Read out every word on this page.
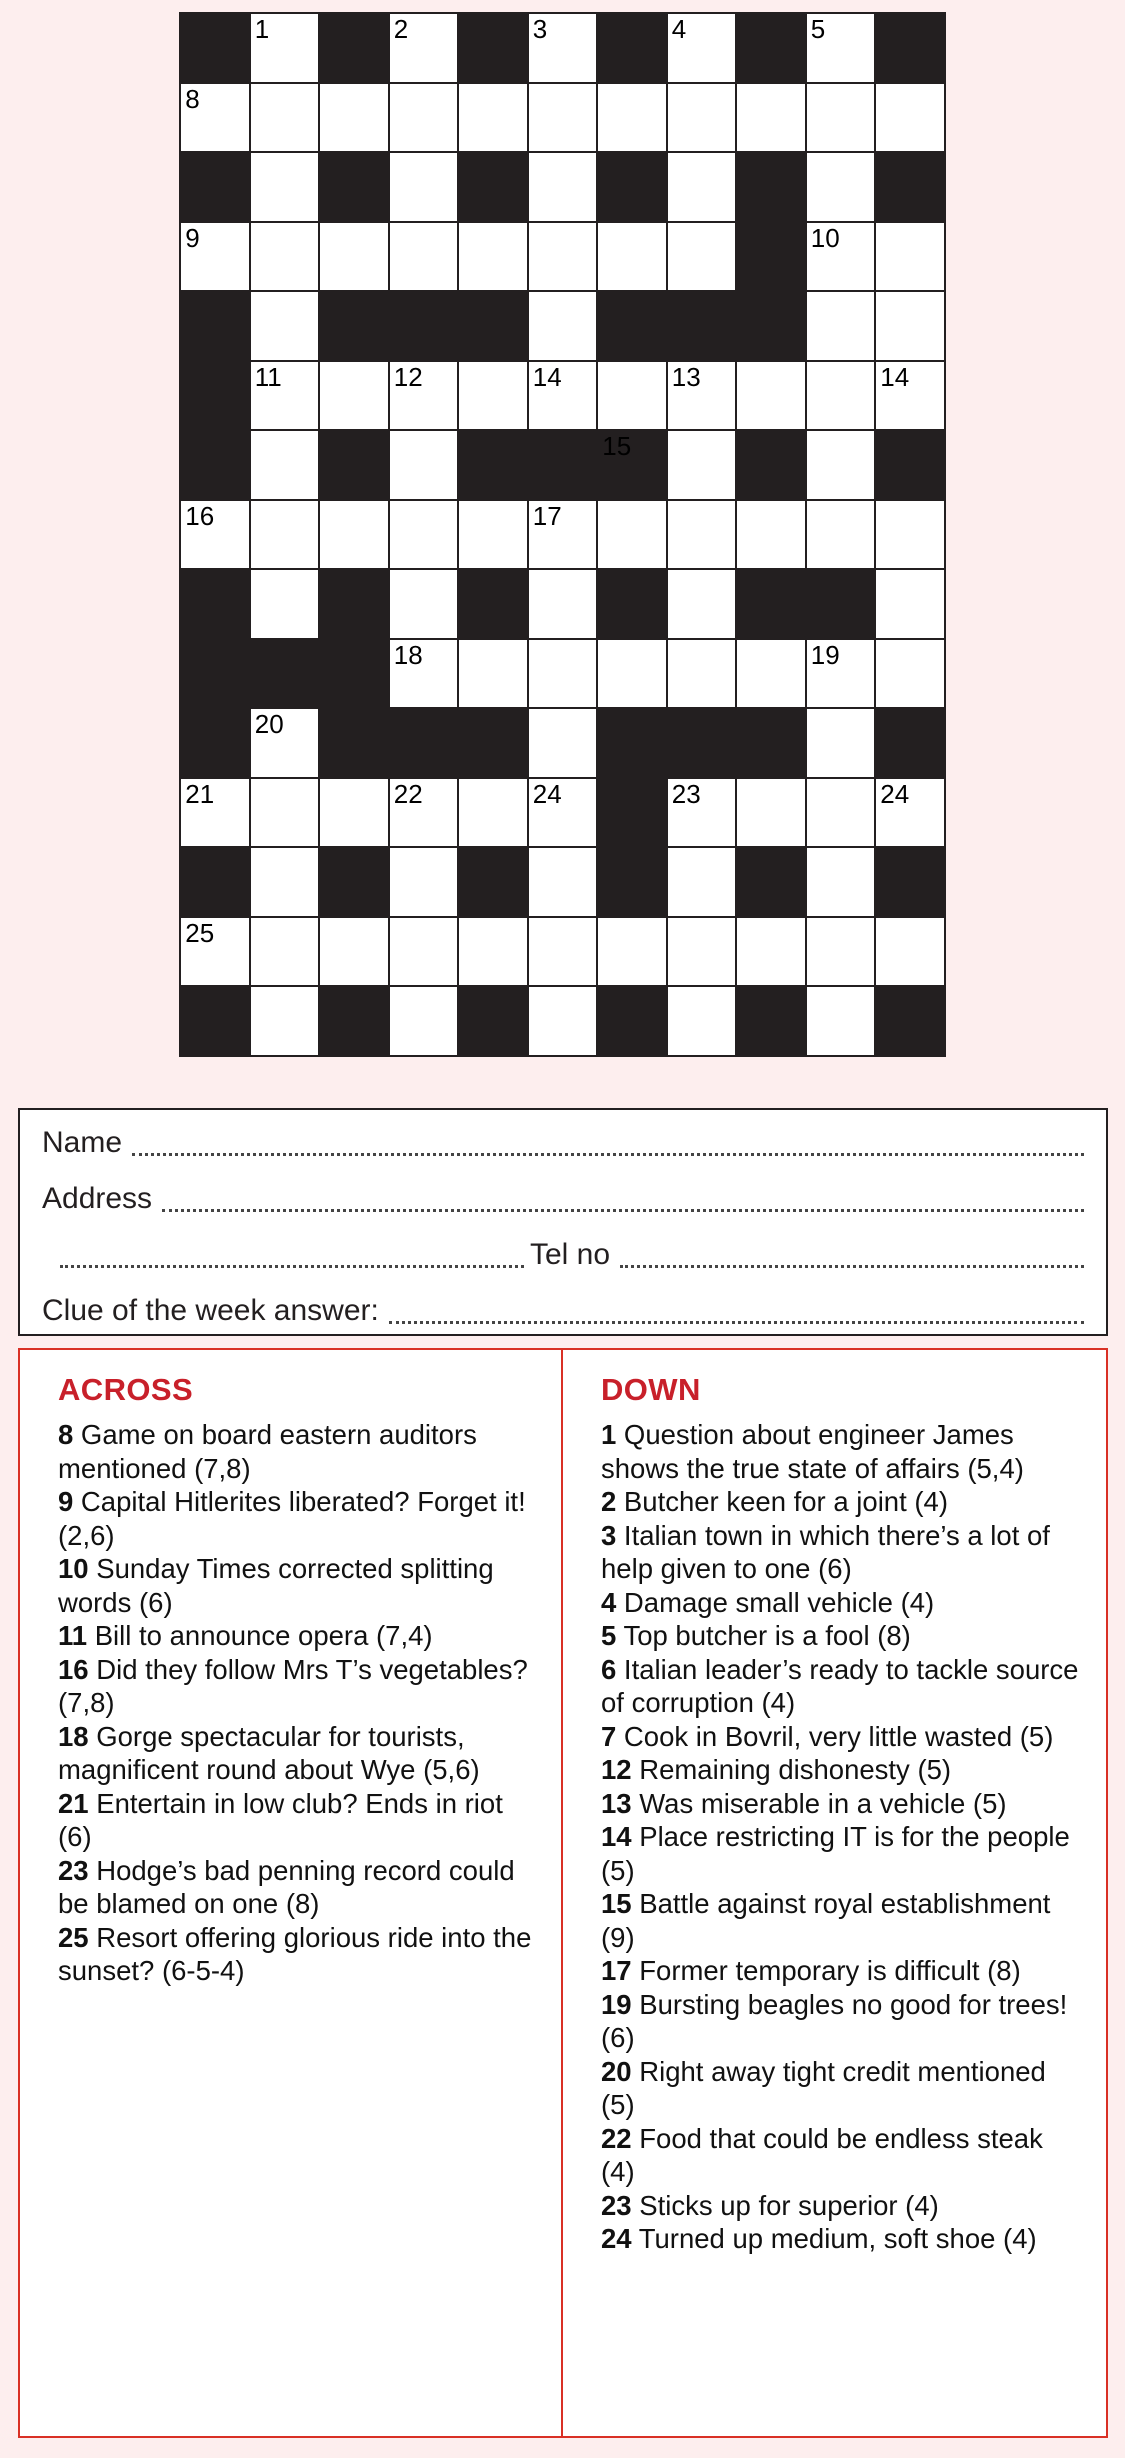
	1		2		3		4		5	

8										

9									10	

	11		12		14		13			14

						15				

16					17					

			18						19	

	20									

21			22		24		23			24

25										

Name
Address
Tel no
Clue of the week answer:
ACROSS
8 Game on board eastern auditors mentioned (7,8)
9 Capital Hitlerites liberated? Forget it! (2,6)
10 Sunday Times corrected splitting words (6)
11 Bill to announce opera (7,4)
16 Did they follow Mrs T’s vegetables? (7,8)
18 Gorge spectacular for tourists, magnificent round about Wye (5,6)
21 Entertain in low club? Ends in riot (6)
23 Hodge’s bad penning record could be blamed on one (8)
25 Resort offering glorious ride into the sunset? (6-5-4)
DOWN
1 Question about engineer James shows the true state of affairs (5,4)
2 Butcher keen for a joint (4)
3 Italian town in which there’s a lot of help given to one (6)
4 Damage small vehicle (4)
5 Top butcher is a fool (8)
6 Italian leader’s ready to tackle source of corruption (4)
7 Cook in Bovril, very little wasted (5)
12 Remaining dishonesty (5)
13 Was miserable in a vehicle (5)
14 Place restricting IT is for the people (5)
15 Battle against royal establishment (9)
17 Former temporary is difficult (8)
19 Bursting beagles no good for trees! (6)
20 Right away tight credit mentioned (5)
22 Food that could be endless steak (4)
23 Sticks up for superior (4)
24 Turned up medium, soft shoe (4)
